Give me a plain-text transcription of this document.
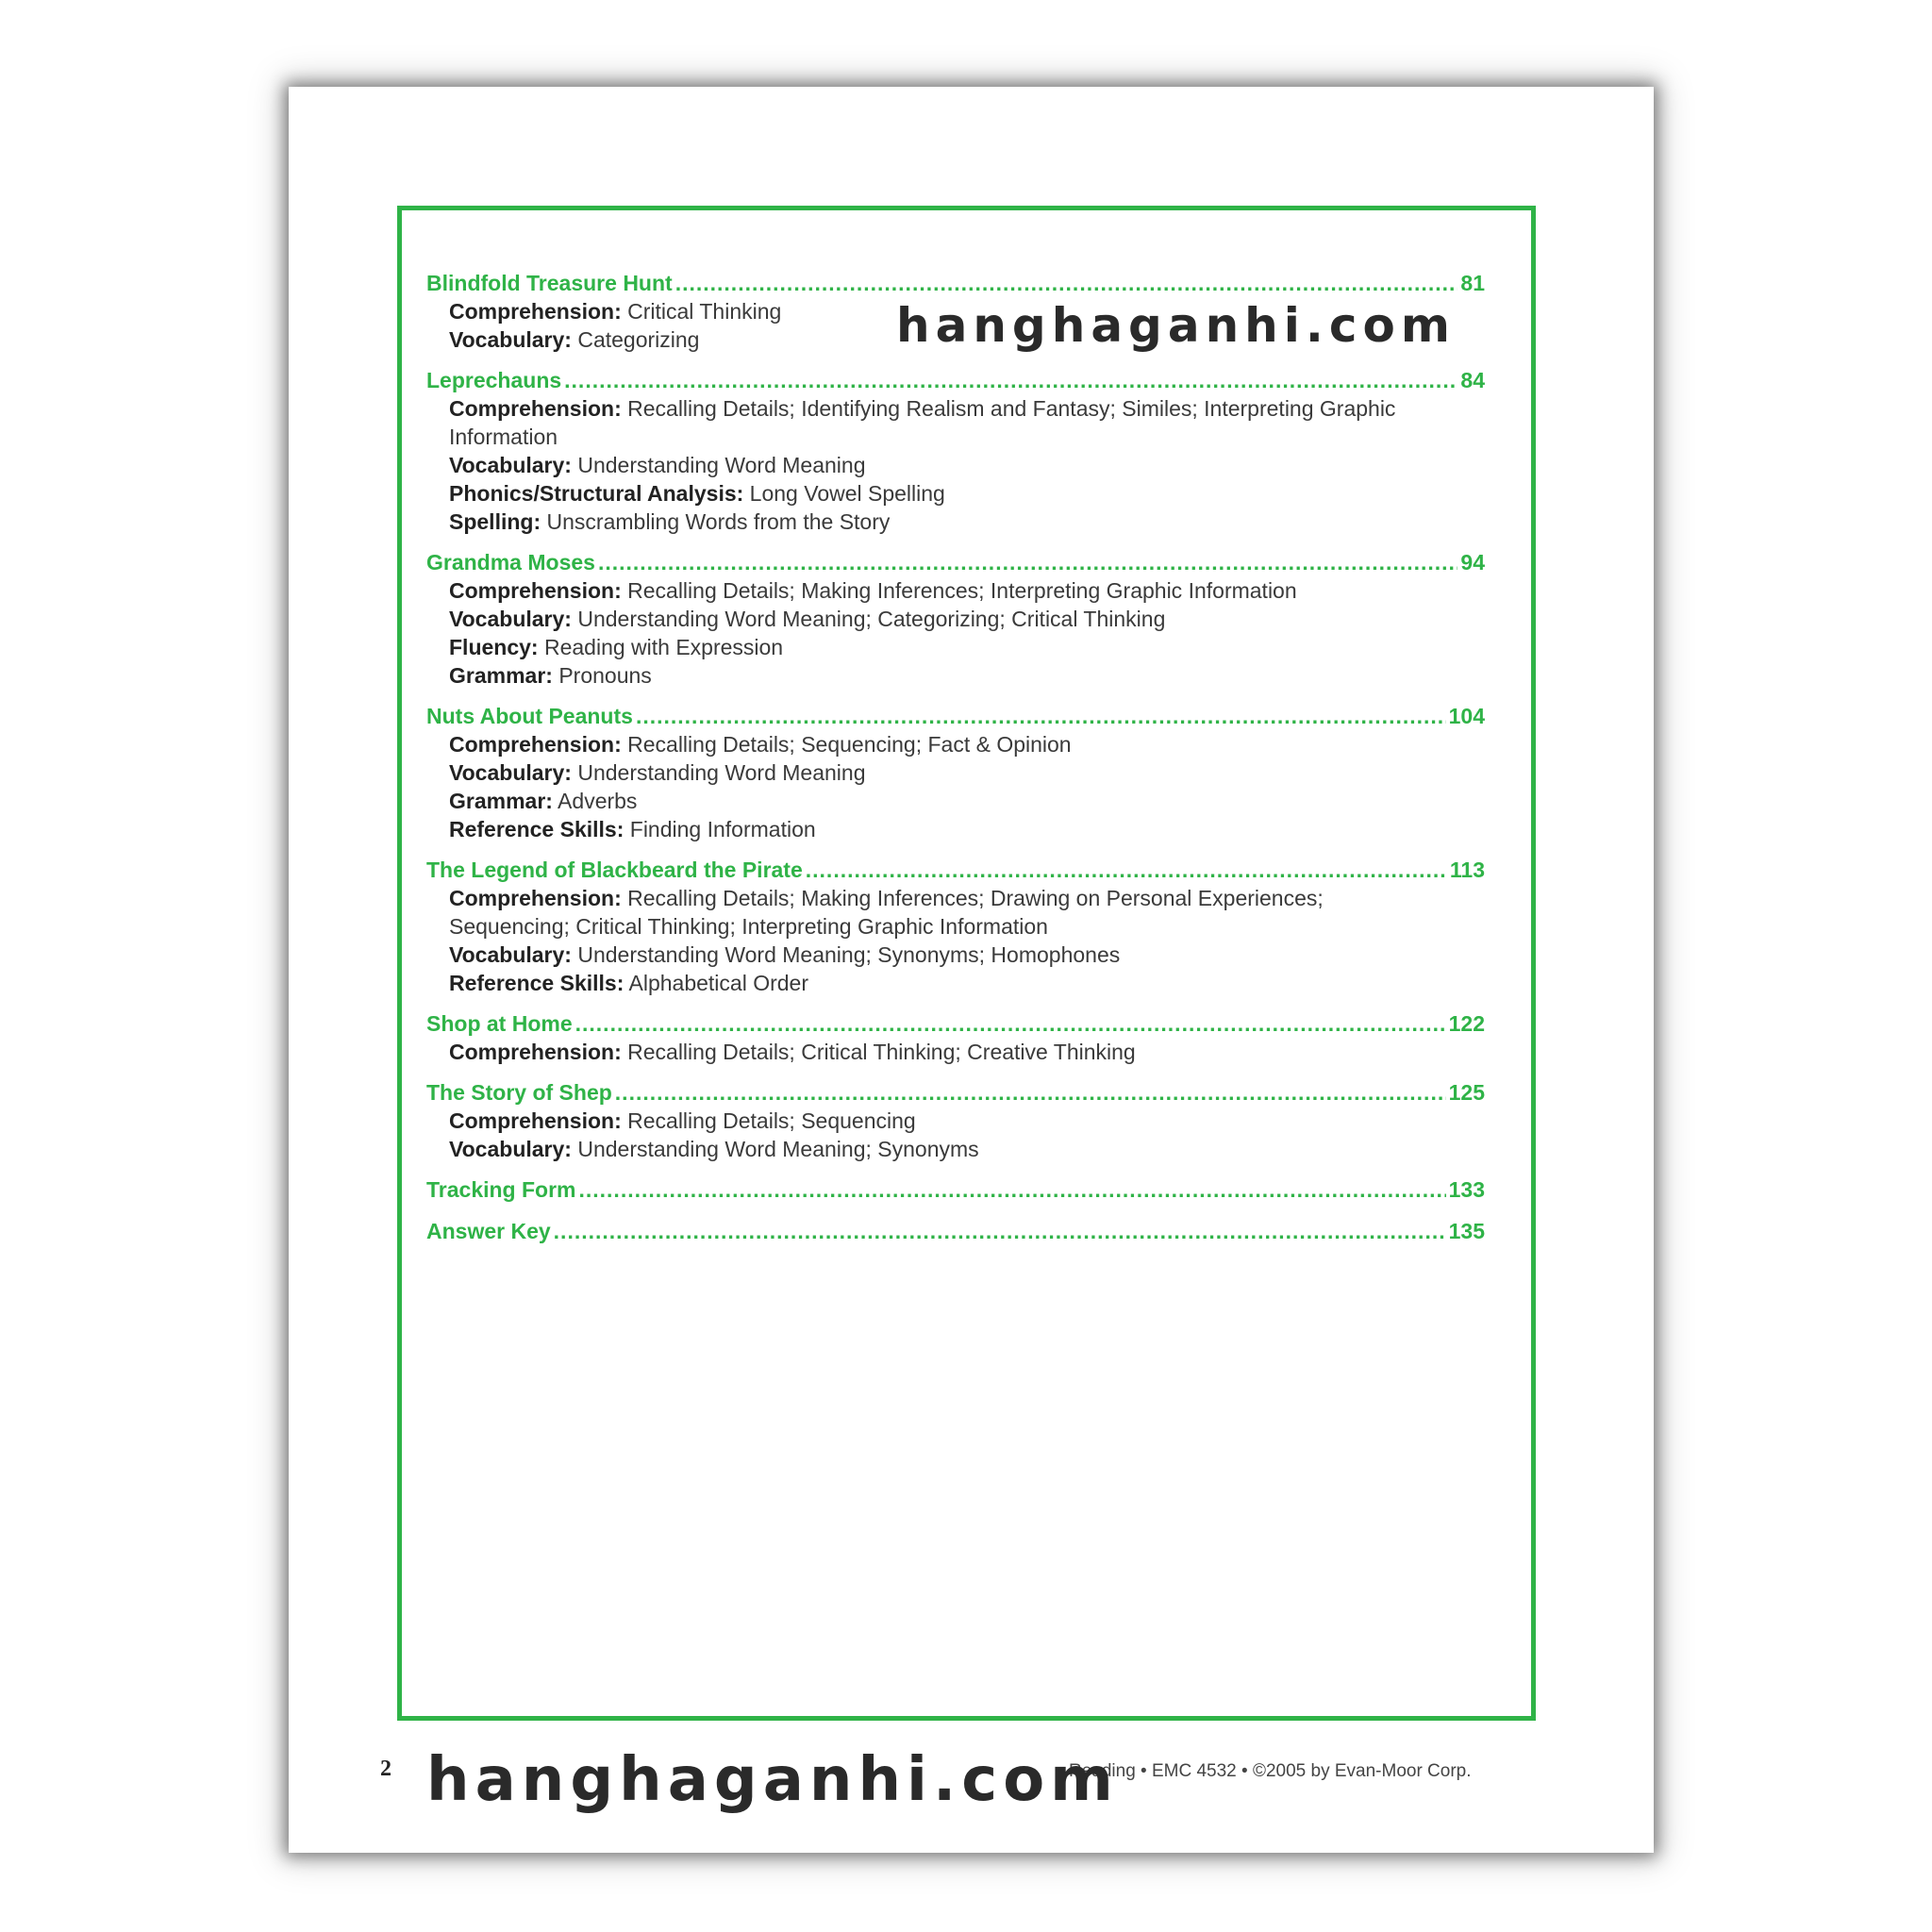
Blindfold Treasure Hunt .....	81
Comprehension: Critical Thinking
Vocabulary: Categorizing
Leprechauns .....	84
Comprehension: Recalling Details; Identifying Realism and Fantasy; Similes; Interpreting Graphic Information
Vocabulary: Understanding Word Meaning
Phonics/Structural Analysis: Long Vowel Spelling
Spelling: Unscrambling Words from the Story
Grandma Moses .....	94
Comprehension: Recalling Details; Making Inferences; Interpreting Graphic Information
Vocabulary: Understanding Word Meaning; Categorizing; Critical Thinking
Fluency: Reading with Expression
Grammar: Pronouns
Nuts About Peanuts .....	104
Comprehension: Recalling Details; Sequencing; Fact & Opinion
Vocabulary: Understanding Word Meaning
Grammar: Adverbs
Reference Skills: Finding Information
The Legend of Blackbeard the Pirate .....	113
Comprehension: Recalling Details; Making Inferences; Drawing on Personal Experiences; Sequencing; Critical Thinking; Interpreting Graphic Information
Vocabulary: Understanding Word Meaning; Synonyms; Homophones
Reference Skills: Alphabetical Order
Shop at Home .....	122
Comprehension: Recalling Details; Critical Thinking; Creative Thinking
The Story of Shep .....	125
Comprehension: Recalling Details; Sequencing
Vocabulary: Understanding Word Meaning; Synonyms
Tracking Form .....	133
Answer Key .....	135
2	Reading • EMC 4532 • ©2005 by Evan-Moor Corp.
hanghaganhi.com
hanghaganhi.com
